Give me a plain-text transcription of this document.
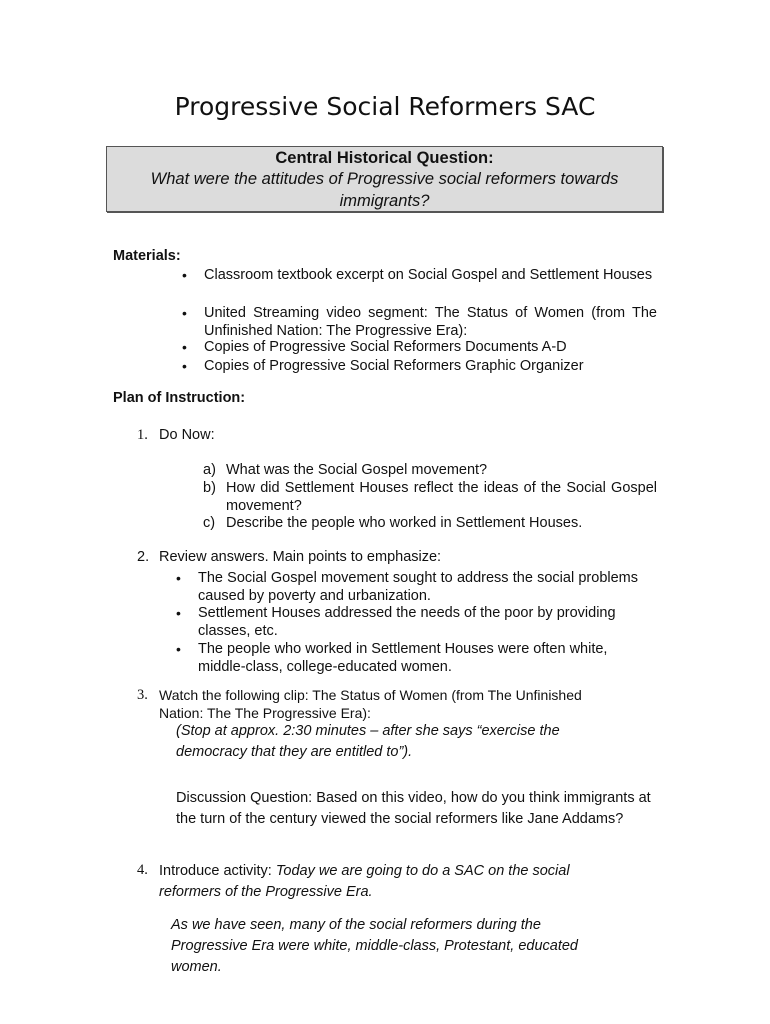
Progressive Social Reformers SAC
Central Historical Question:
What were the attitudes of Progressive social reformers towards immigrants?
Materials:
• Classroom textbook excerpt on Social Gospel and Settlement Houses
• United Streaming video segment: The Status of Women (from The Unfinished Nation: The Progressive Era):
• Copies of Progressive Social Reformers Documents A-D
• Copies of Progressive Social Reformers Graphic Organizer
Plan of Instruction:
1. Do Now:
a) What was the Social Gospel movement?
b) How did Settlement Houses reflect the ideas of the Social Gospel movement?
c) Describe the people who worked in Settlement Houses.
2. Review answers. Main points to emphasize:
• The Social Gospel movement sought to address the social problems caused by poverty and urbanization.
• Settlement Houses addressed the needs of the poor by providing classes, etc.
• The people who worked in Settlement Houses were often white, middle-class, college-educated women.
3. Watch the following clip: The Status of Women (from The Unfinished Nation: The The Progressive Era):
(Stop at approx. 2:30 minutes – after she says “exercise the democracy that they are entitled to”).
Discussion Question: Based on this video, how do you think immigrants at the turn of the century viewed the social reformers like Jane Addams?
4. Introduce activity: Today we are going to do a SAC on the social reformers of the Progressive Era.
As we have seen, many of the social reformers during the Progressive Era were white, middle-class, Protestant, educated women.
